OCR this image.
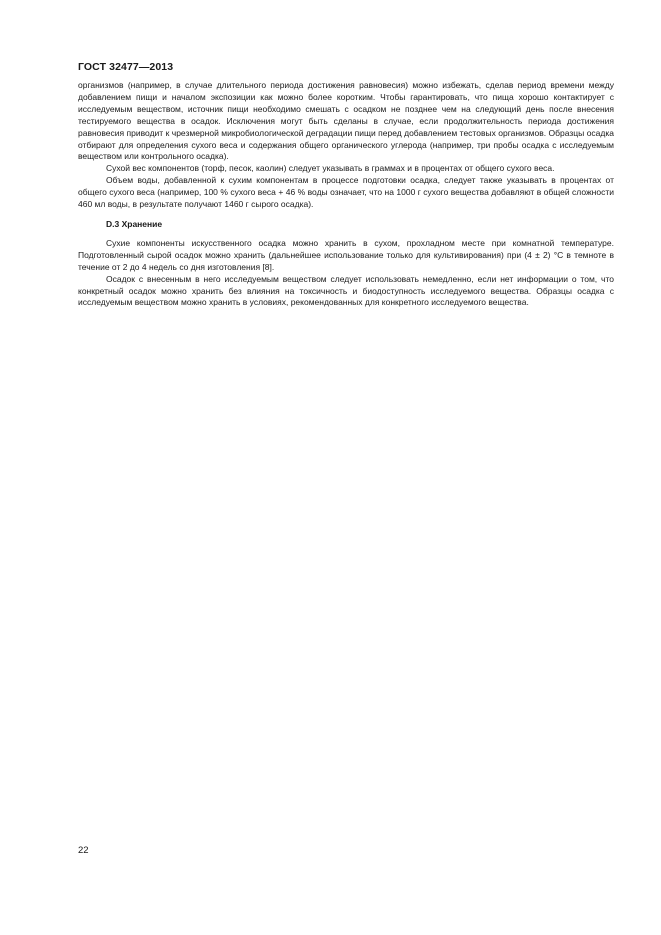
ГОСТ 32477—2013

организмов (например, в случае длительного периода достижения равновесия) можно избежать, сделав период времени между добавлением пищи и началом экспозиции как можно более коротким. Чтобы гарантировать, что пища хорошо контактирует с исследуемым веществом, источник пищи необходимо смешать с осадком не позднее чем на следующий день после внесения тестируемого вещества в осадок. Исключения могут быть сделаны в случае, если продолжительность периода достижения равновесия приводит к чрезмерной микробиологической деградации пищи перед добавлением тестовых организмов. Образцы осадка отбирают для определения сухого веса и содержания общего органического углерода (например, три пробы осадка с исследуемым веществом или контрольного осадка).

Сухой вес компонентов (торф, песок, каолин) следует указывать в граммах и в процентах от общего сухого веса.

Объем воды, добавленной к сухим компонентам в процессе подготовки осадка, следует также указывать в процентах от общего сухого веса (например, 100 % сухого веса + 46 % воды означает, что на 1000 г сухого вещества добавляют в общей сложности 460 мл воды, в результате получают 1460 г сырого осадка).

D.3 Хранение

Сухие компоненты искусственного осадка можно хранить в сухом, прохладном месте при комнатной температуре. Подготовленный сырой осадок можно хранить (дальнейшее использование только для культивирования) при (4 ± 2) °С в темноте в течение от 2 до 4 недель со дня изготовления [8].

Осадок с внесенным в него исследуемым веществом следует использовать немедленно, если нет информации о том, что конкретный осадок можно хранить без влияния на токсичность и биодоступность исследуемого вещества. Образцы осадка с исследуемым веществом можно хранить в условиях, рекомендованных для конкретного исследуемого вещества.

22
